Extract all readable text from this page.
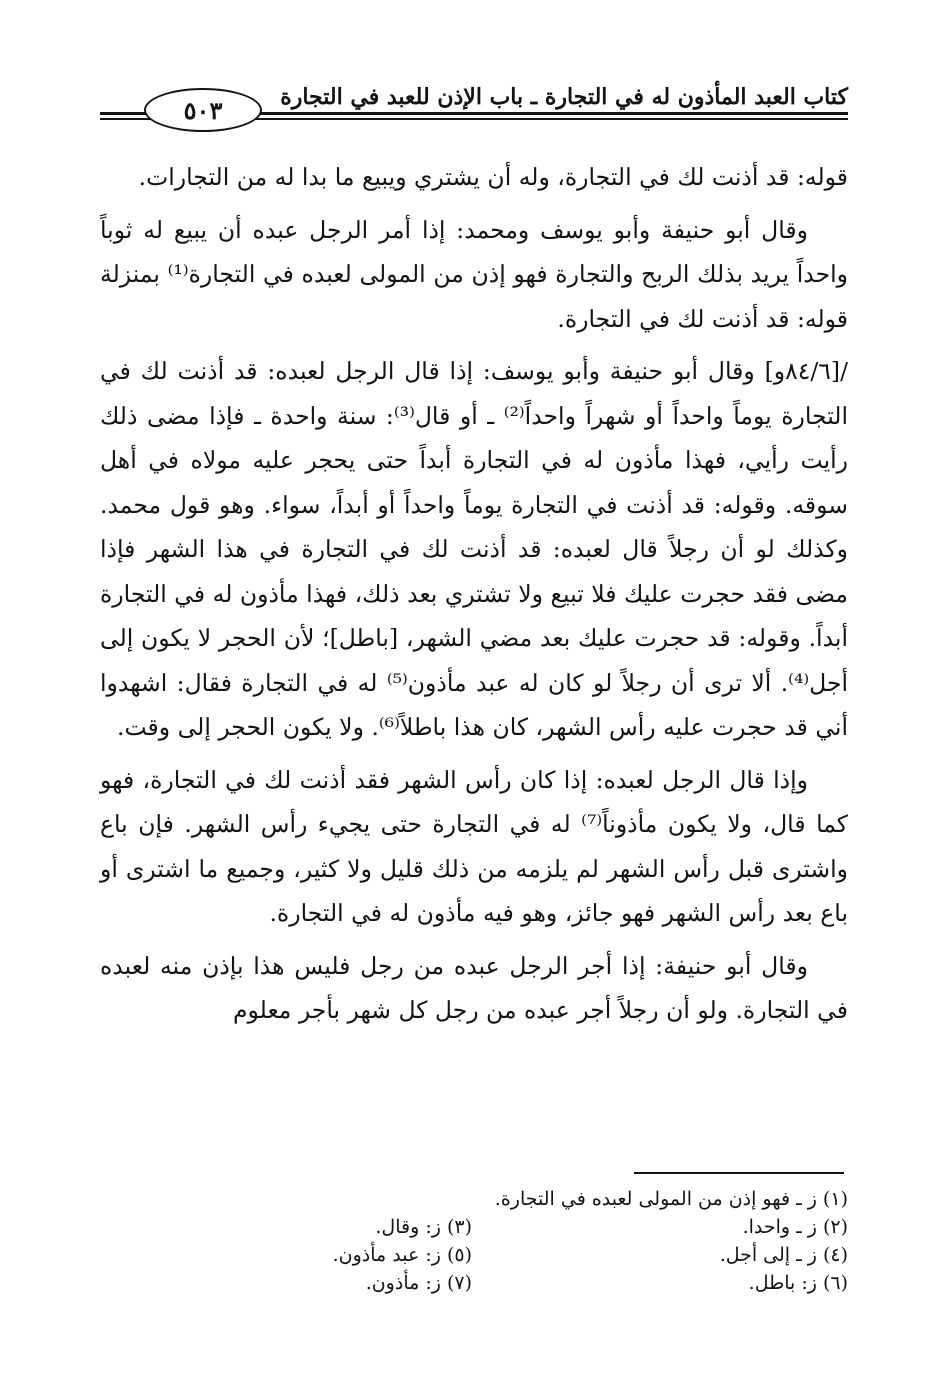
كتاب العبد المأذون له في التجارة ـ باب الإذن للعبد في التجارة
٥٠٣

قوله: قد أذنت لك في التجارة، وله أن يشتري ويبيع ما بدا له من التجارات.

وقال أبو حنيفة وأبو يوسف ومحمد: إذا أمر الرجل عبده أن يبيع له ثوباً واحداً يريد بذلك الربح والتجارة فهو إذن من المولى لعبده في التجارة⁽¹⁾ بمنزلة قوله: قد أذنت لك في التجارة.

/[٨٤/٦و] وقال أبو حنيفة وأبو يوسف: إذا قال الرجل لعبده: قد أذنت لك في التجارة يوماً واحداً أو شهراً واحداً⁽²⁾ ـ أو قال⁽³⁾: سنة واحدة ـ فإذا مضى ذلك رأيت رأيي، فهذا مأذون له في التجارة أبداً حتى يحجر عليه مولاه في أهل سوقه. وقوله: قد أذنت في التجارة يوماً واحداً أو أبداً، سواء. وهو قول محمد. وكذلك لو أن رجلاً قال لعبده: قد أذنت لك في التجارة في هذا الشهر فإذا مضى فقد حجرت عليك فلا تبيع ولا تشتري بعد ذلك، فهذا مأذون له في التجارة أبداً. وقوله: قد حجرت عليك بعد مضي الشهر، [باطل]؛ لأن الحجر لا يكون إلى أجل⁽⁴⁾. ألا ترى أن رجلاً لو كان له عبد مأذون⁽⁵⁾ له في التجارة فقال: اشهدوا أني قد حجرت عليه رأس الشهر، كان هذا باطلاً⁽⁶⁾. ولا يكون الحجر إلى وقت.

وإذا قال الرجل لعبده: إذا كان رأس الشهر فقد أذنت لك في التجارة، فهو كما قال، ولا يكون مأذوناً⁽⁷⁾ له في التجارة حتى يجيء رأس الشهر. فإن باع واشترى قبل رأس الشهر لم يلزمه من ذلك قليل ولا كثير، وجميع ما اشترى أو باع بعد رأس الشهر فهو جائز، وهو فيه مأذون له في التجارة.

وقال أبو حنيفة: إذا أجر الرجل عبده من رجل فليس هذا بإذن منه لعبده في التجارة. ولو أن رجلاً أجر عبده من رجل كل شهر بأجر معلوم

(١) ز ـ فهو إذن من المولى لعبده في التجارة.
(٢) ز ـ واحدا.
(٣) ز: وقال.
(٤) ز ـ إلى أجل.
(٥) ز: عبد مأذون.
(٦) ز: باطل.
(٧) ز: مأذون.
